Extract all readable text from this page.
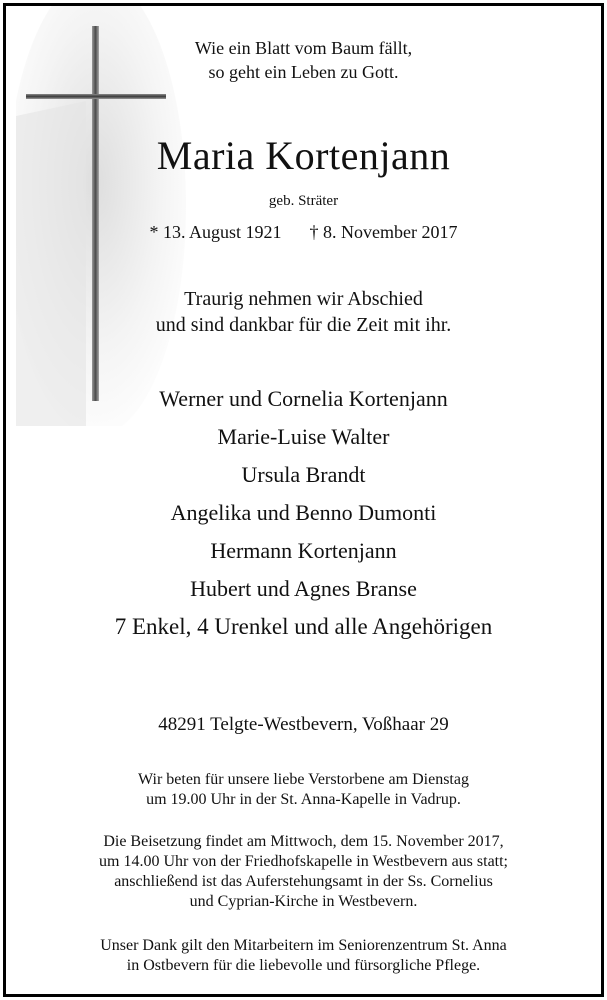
Wie ein Blatt vom Baum fällt,
so geht ein Leben zu Gott.
Maria Kortenjann
geb. Sträter
* 13. August 1921 † 8. November 2017
Traurig nehmen wir Abschied
und sind dankbar für die Zeit mit ihr.
Werner und Cornelia Kortenjann
Marie-Luise Walter
Ursula Brandt
Angelika und Benno Dumonti
Hermann Kortenjann
Hubert und Agnes Branse
7 Enkel, 4 Urenkel und alle Angehörigen
48291 Telgte-Westbevern, Voßhaar 29
Wir beten für unsere liebe Verstorbene am Dienstag
um 19.00 Uhr in der St. Anna-Kapelle in Vadrup.
Die Beisetzung findet am Mittwoch, dem 15. November 2017,
um 14.00 Uhr von der Friedhofskapelle in Westbevern aus statt;
anschließend ist das Auferstehungsamt in der Ss. Cornelius
und Cyprian-Kirche in Westbevern.
Unser Dank gilt den Mitarbeitern im Seniorenzentrum St. Anna
in Ostbevern für die liebevolle und fürsorgliche Pflege.
